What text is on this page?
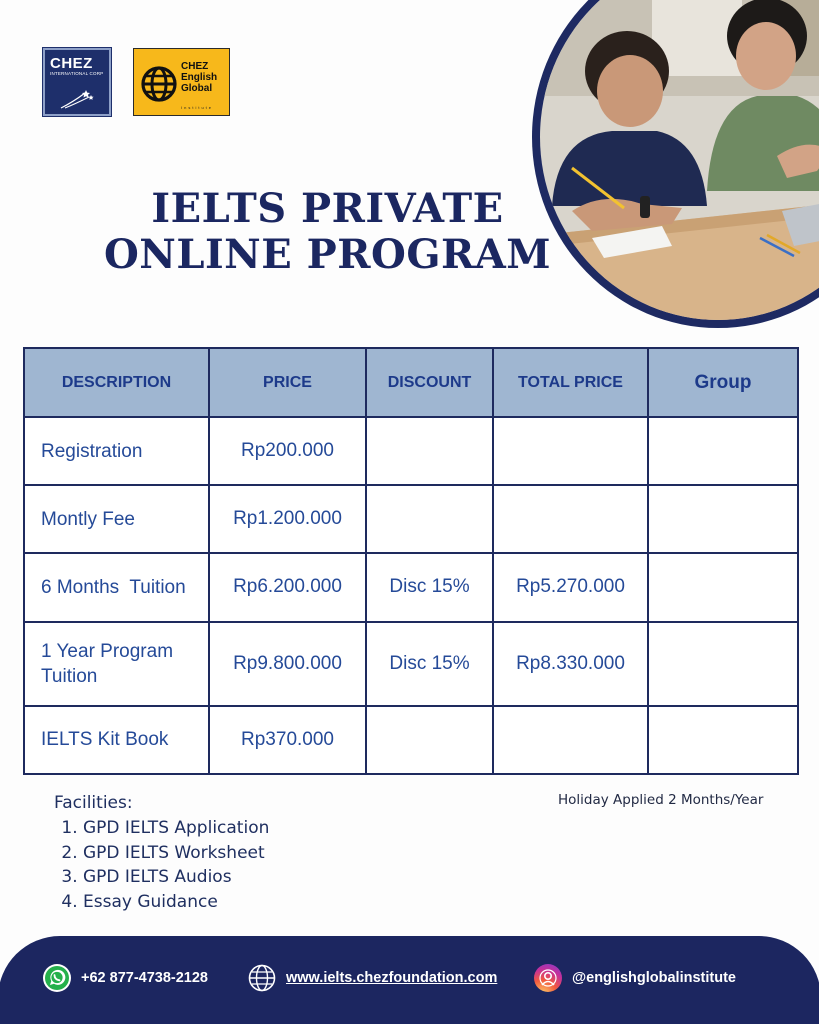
CHEZ
INTERNATIONAL CORP
CHEZ
English
Global
Institute
IELTS PRIVATE
ONLINE PROGRAM
DESCRIPTION	PRICE	DISCOUNT	TOTAL PRICE	Group
Registration	Rp200.000			
Montly Fee	Rp1.200.000			
6 Months  Tuition	Rp6.200.000	Disc 15%	Rp5.270.000	
1 Year Program Tuition	Rp9.800.000	Disc 15%	Rp8.330.000	
IELTS Kit Book	Rp370.000			
Facilities:
1. GPD IELTS Application
2. GPD IELTS Worksheet
3. GPD IELTS Audios
4. Essay Guidance
Holiday Applied 2 Months/Year
+62 877-4738-2128	www.ielts.chezfoundation.com	@englishglobalinstitute
